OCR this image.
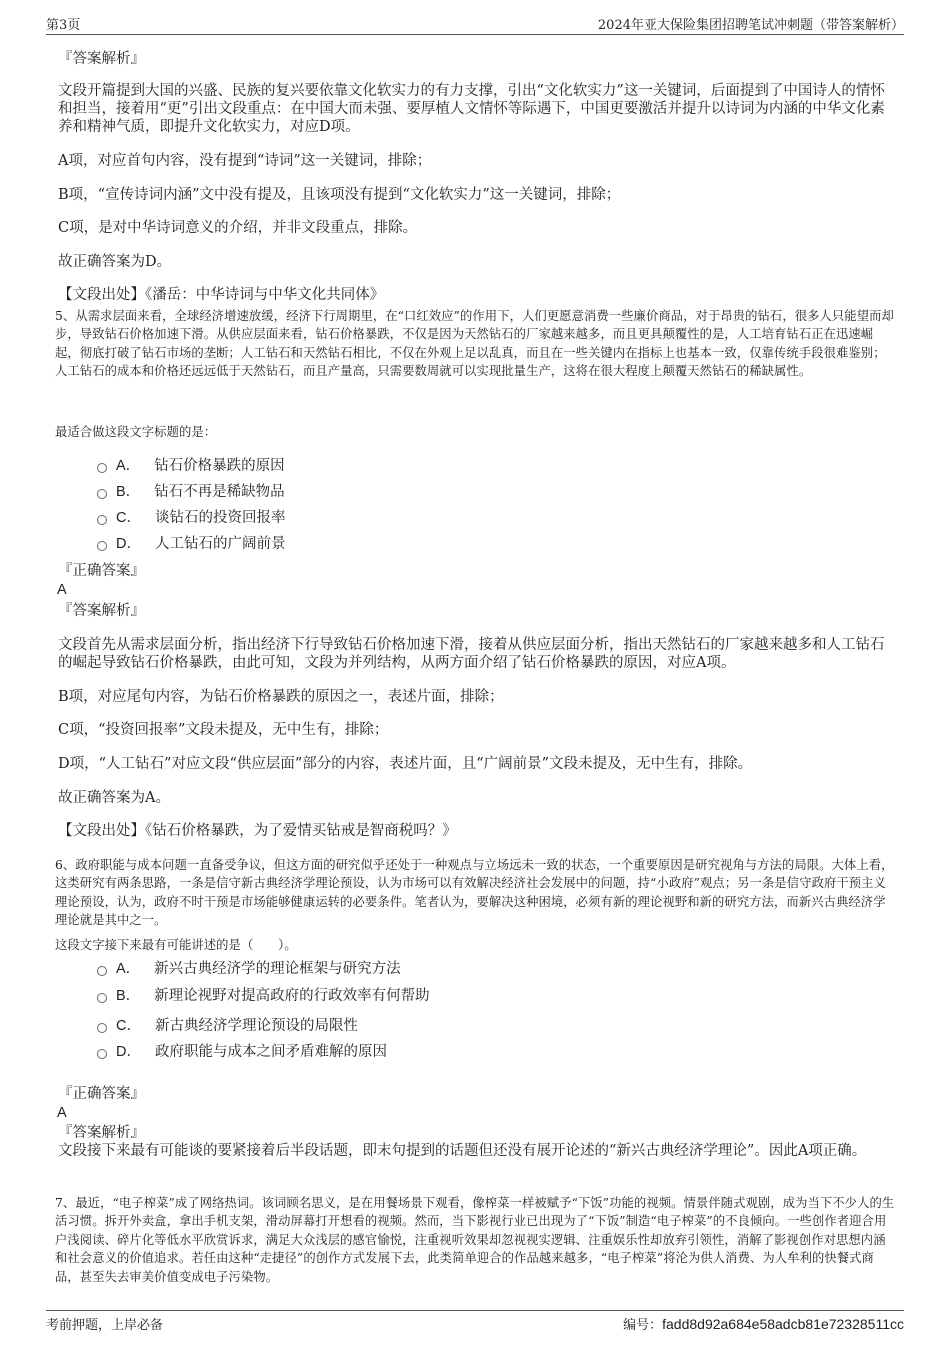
第3页	2024年亚大保险集团招聘笔试冲刺题（带答案解析）

『答案解析』

文段开篇提到大国的兴盛、民族的复兴要依靠文化软实力的有力支撑，引出“文化软实力”这一关键词，后面提到了中国诗人的情怀和担当，接着用“更”引出文段重点：在中国大而未强、要厚植人文情怀等际遇下，中国更要激活并提升以诗词为内涵的中华文化素养和精神气质，即提升文化软实力，对应D项。

A项，对应首句内容，没有提到“诗词”这一关键词，排除；

B项，“宣传诗词内涵”文中没有提及，且该项没有提到“文化软实力”这一关键词，排除；

C项，是对中华诗词意义的介绍，并非文段重点，排除。

故正确答案为D。

【文段出处】《潘岳：中华诗词与中华文化共同体》

5、从需求层面来看，全球经济增速放缓，经济下行周期里，在“口红效应”的作用下，人们更愿意消费一些廉价商品，对于昂贵的钻石，很多人只能望而却步，导致钻石价格加速下滑。从供应层面来看，钻石价格暴跌，不仅是因为天然钻石的厂家越来越多，而且更具颠覆性的是，人工培育钻石正在迅速崛起，彻底打破了钻石市场的垄断；人工钻石和天然钻石相比，不仅在外观上足以乱真，而且在一些关键内在指标上也基本一致，仅靠传统手段很难鉴别；人工钻石的成本和价格还远远低于天然钻石，而且产量高，只需要数周就可以实现批量生产，这将在很大程度上颠覆天然钻石的稀缺属性。

最适合做这段文字标题的是：

A． 钻石价格暴跌的原因
B． 钻石不再是稀缺物品
C． 谈钻石的投资回报率
D． 人工钻石的广阔前景

『正确答案』

A

『答案解析』

文段首先从需求层面分析，指出经济下行导致钻石价格加速下滑，接着从供应层面分析，指出天然钻石的厂家越来越多和人工钻石的崛起导致钻石价格暴跌，由此可知，文段为并列结构，从两方面介绍了钻石价格暴跌的原因，对应A项。

B项，对应尾句内容，为钻石价格暴跌的原因之一，表述片面，排除；

C项，“投资回报率”文段未提及，无中生有，排除；

D项，“人工钻石”对应文段“供应层面”部分的内容，表述片面，且“广阔前景”文段未提及，无中生有，排除。

故正确答案为A。

【文段出处】《钻石价格暴跌，为了爱情买钻戒是智商税吗？》

6、政府职能与成本问题一直备受争议，但这方面的研究似乎还处于一种观点与立场远未一致的状态，一个重要原因是研究视角与方法的局限。大体上看，这类研究有两条思路，一条是信守新古典经济学理论预设，认为市场可以有效解决经济社会发展中的问题，持“小政府”观点；另一条是信守政府干预主义理论预设，认为，政府不时干预是市场能够健康运转的必要条件。笔者认为，要解决这种困境，必须有新的理论视野和新的研究方法，而新兴古典经济学理论就是其中之一。

这段文字接下来最有可能讲述的是（　　）。

A． 新兴古典经济学的理论框架与研究方法
B． 新理论视野对提高政府的行政效率有何帮助
C． 新古典经济学理论预设的局限性
D． 政府职能与成本之间矛盾难解的原因

『正确答案』

A

『答案解析』

文段接下来最有可能谈的要紧接着后半段话题，即末句提到的话题但还没有展开论述的“新兴古典经济学理论”。因此A项正确。

7、最近，“电子榨菜”成了网络热词。该词顾名思义，是在用餐场景下观看，像榨菜一样被赋予“下饭”功能的视频。情景伴随式观剧，成为当下不少人的生活习惯。拆开外卖盒，拿出手机支架，滑动屏幕打开想看的视频。然而，当下影视行业已出现为了“下饭”制造“电子榨菜”的不良倾向。一些创作者迎合用户浅阅读、碎片化等低水平欣赏诉求，满足大众浅层的感官愉悦，注重视听效果却忽视视实逻辑、注重娱乐性却放弃引领性，消解了影视创作对思想内涵和社会意义的价值追求。若任由这种“走捷径”的创作方式发展下去，此类简单迎合的作品越来越多，“电子榨菜”将沦为供人消费、为人牟利的快餐式商品，甚至失去审美价值变成电子污染物。

考前押题，上岸必备	编号：fadd8d92a684e58adcb81e72328511cc
